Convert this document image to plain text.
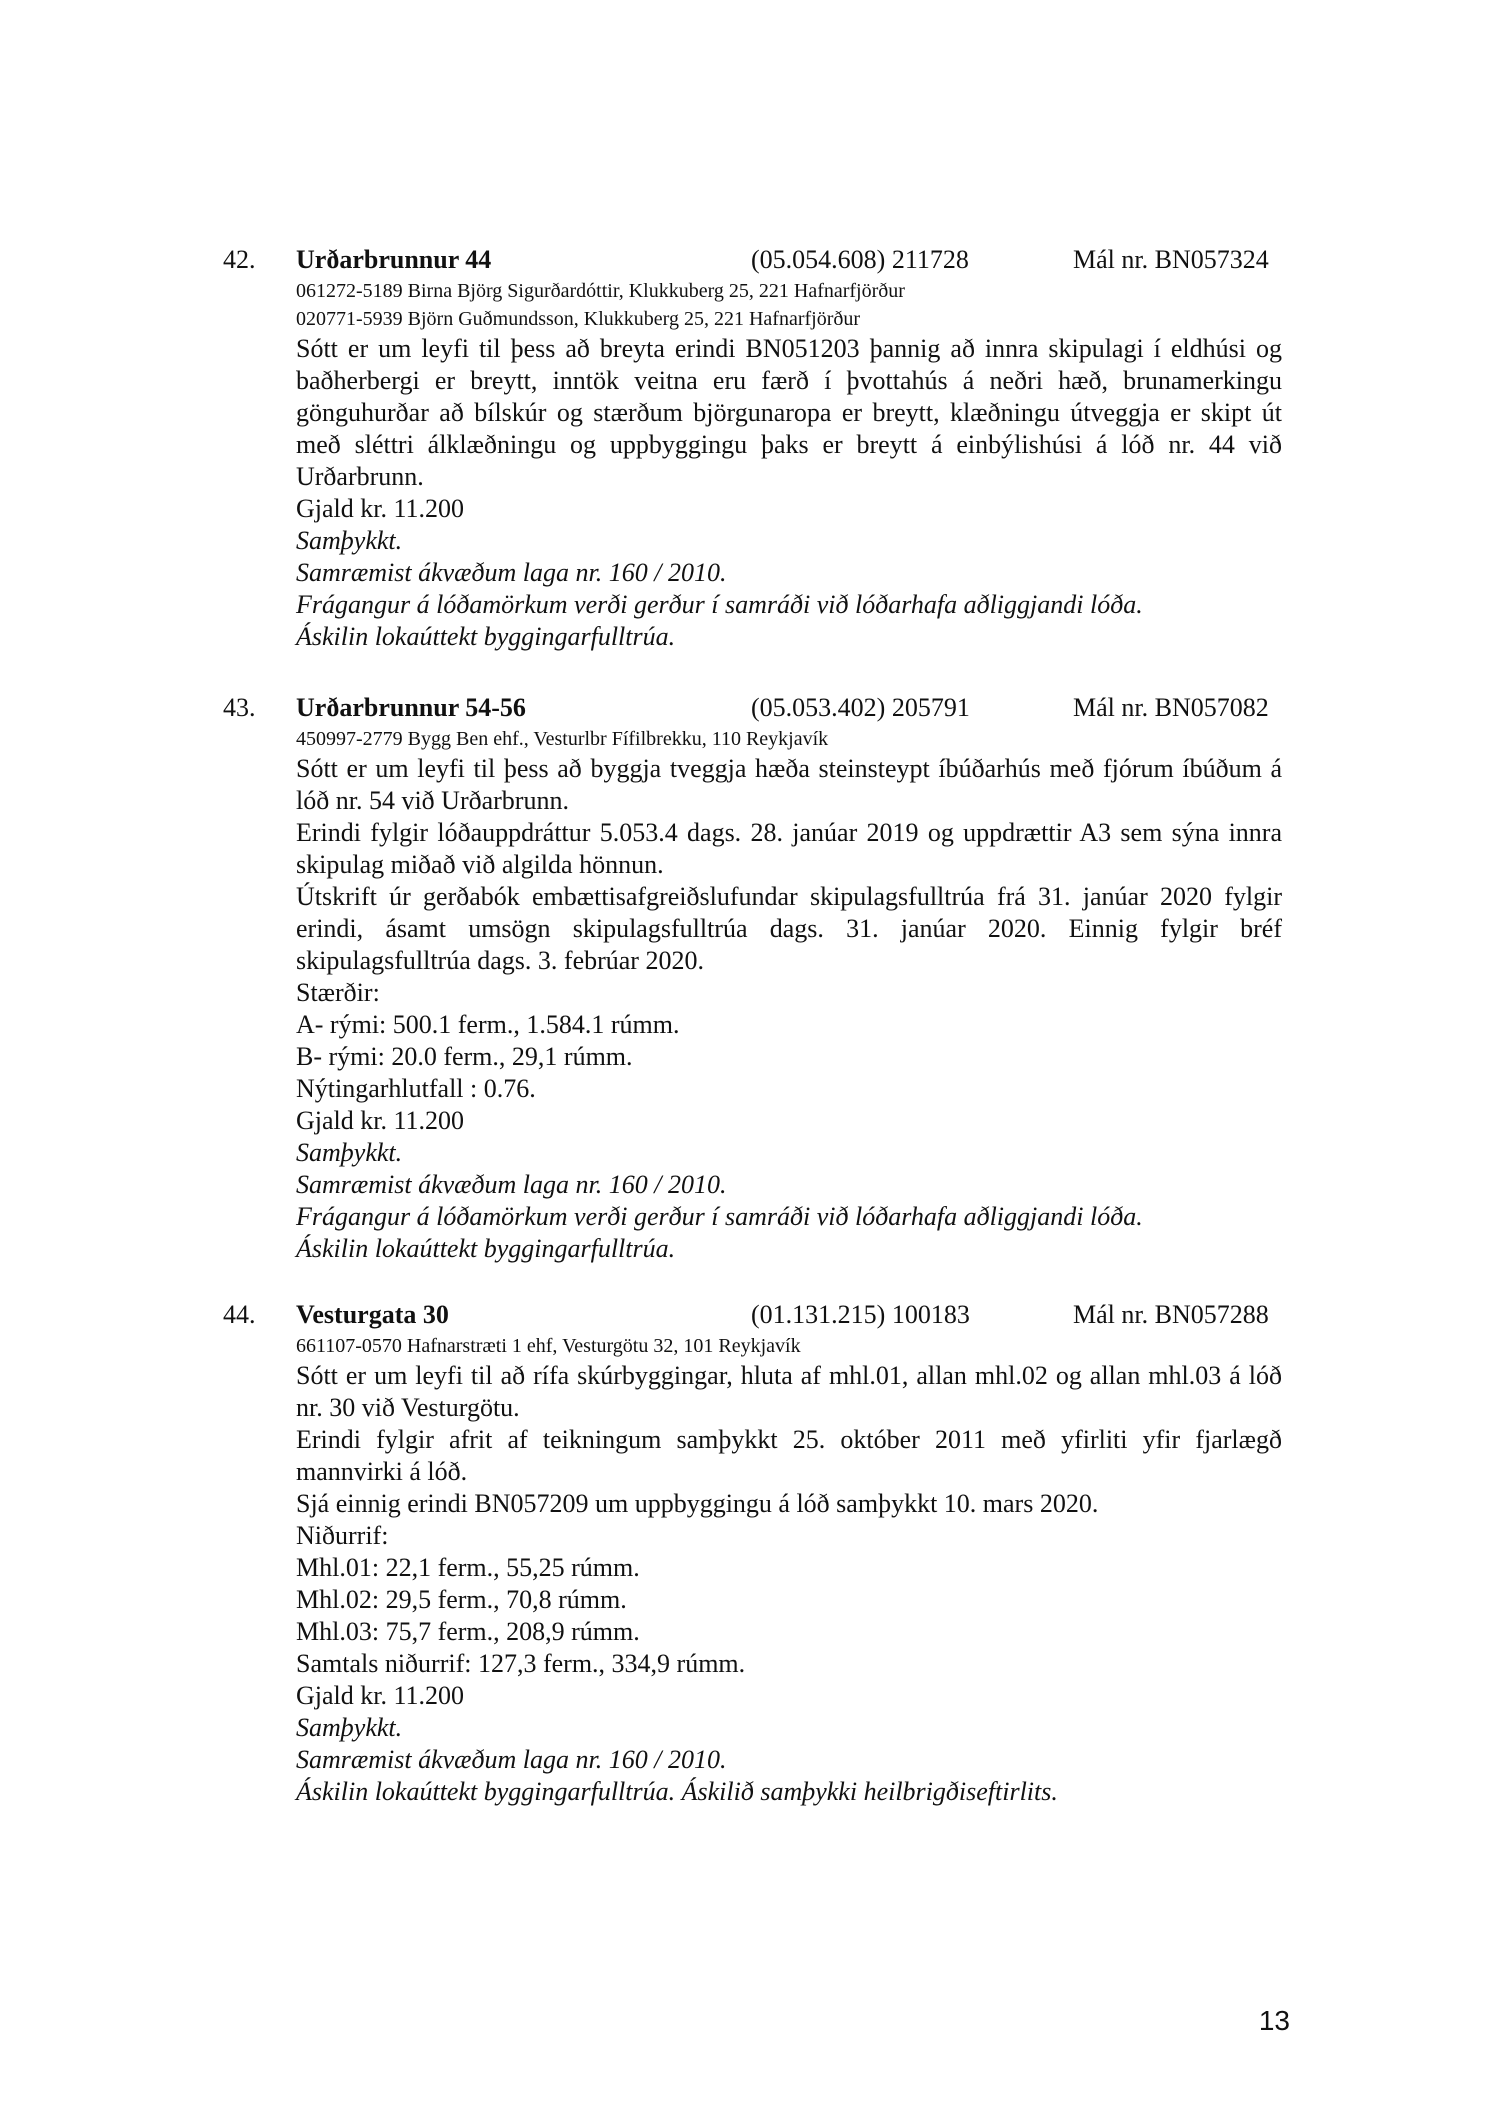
42. Urðarbrunnur 44	(05.054.608) 211728	Mál nr. BN057324
061272-5189 Birna Björg Sigurðardóttir, Klukkuberg 25, 221 Hafnarfjörður
020771-5939 Björn Guðmundsson, Klukkuberg 25, 221 Hafnarfjörður

Sótt er um leyfi til þess að breyta erindi BN051203 þannig að innra skipulagi í eldhúsi og baðherbergi er breytt, inntök veitna eru færð í þvottahús á neðri hæð, brunamerkingu gönguhurðar að bílskúr og stærðum björgunaropa er breytt, klæðningu útveggja er skipt út með sléttri álklæðningu og uppbyggingu þaks er breytt á einbýlishúsi á lóð nr. 44 við Urðarbrunn.

Gjald kr. 11.200
Samþykkt.
Samræmist ákvæðum laga nr. 160 / 2010.
Frágangur á lóðamörkum verði gerður í samráði við lóðarhafa aðliggjandi lóða.
Áskilin lokaúttekt byggingarfulltrúa.
43. Urðarbrunnur 54-56	(05.053.402) 205791	Mál nr. BN057082
450997-2779 Bygg Ben ehf., Vesturlbr Fífilbrekku, 110 Reykjavík

Sótt er um leyfi til þess að byggja tveggja hæða steinsteypt íbúðarhús með fjórum íbúðum á lóð nr. 54 við Urðarbrunn.

Erindi fylgir lóðauppdráttur 5.053.4 dags. 28. janúar 2019 og uppdrættir A3 sem sýna innra skipulag miðað við algilda hönnun.

Útskrift úr gerðabók embættisafgreiðslufundar skipulagsfulltrúa frá 31. janúar 2020 fylgir erindi, ásamt umsögn skipulagsfulltrúa dags. 31. janúar 2020. Einnig fylgir bréf skipulagsfulltrúa dags. 3. febrúar 2020.

Stærðir:
A- rými: 500.1 ferm., 1.584.1 rúmm.
B- rými: 20.0 ferm., 29,1 rúmm.
Nýtingarhlutfall : 0.76.
Gjald kr. 11.200
Samþykkt.
Samræmist ákvæðum laga nr. 160 / 2010.
Frágangur á lóðamörkum verði gerður í samráði við lóðarhafa aðliggjandi lóða.
Áskilin lokaúttekt byggingarfulltrúa.
44. Vesturgata 30	(01.131.215) 100183	Mál nr. BN057288
661107-0570 Hafnarstræti 1 ehf, Vesturgötu 32, 101 Reykjavík

Sótt er um leyfi til að rífa skúrbyggingar, hluta af mhl.01, allan mhl.02 og allan mhl.03 á lóð nr. 30 við Vesturgötu.

Erindi fylgir afrit af teikningum samþykkt 25. október 2011 með yfirliti yfir fjarlægð mannvirki á lóð.

Sjá einnig erindi BN057209 um uppbyggingu á lóð samþykkt 10. mars 2020.
Niðurrif:
Mhl.01: 22,1 ferm., 55,25 rúmm.
Mhl.02: 29,5 ferm., 70,8 rúmm.
Mhl.03: 75,7 ferm., 208,9 rúmm.
Samtals niðurrif: 127,3 ferm., 334,9 rúmm.
Gjald kr. 11.200
Samþykkt.
Samræmist ákvæðum laga nr. 160 / 2010.
Áskilin lokaúttekt byggingarfulltrúa. Áskilið samþykki heilbrigðiseftirlits.
13
